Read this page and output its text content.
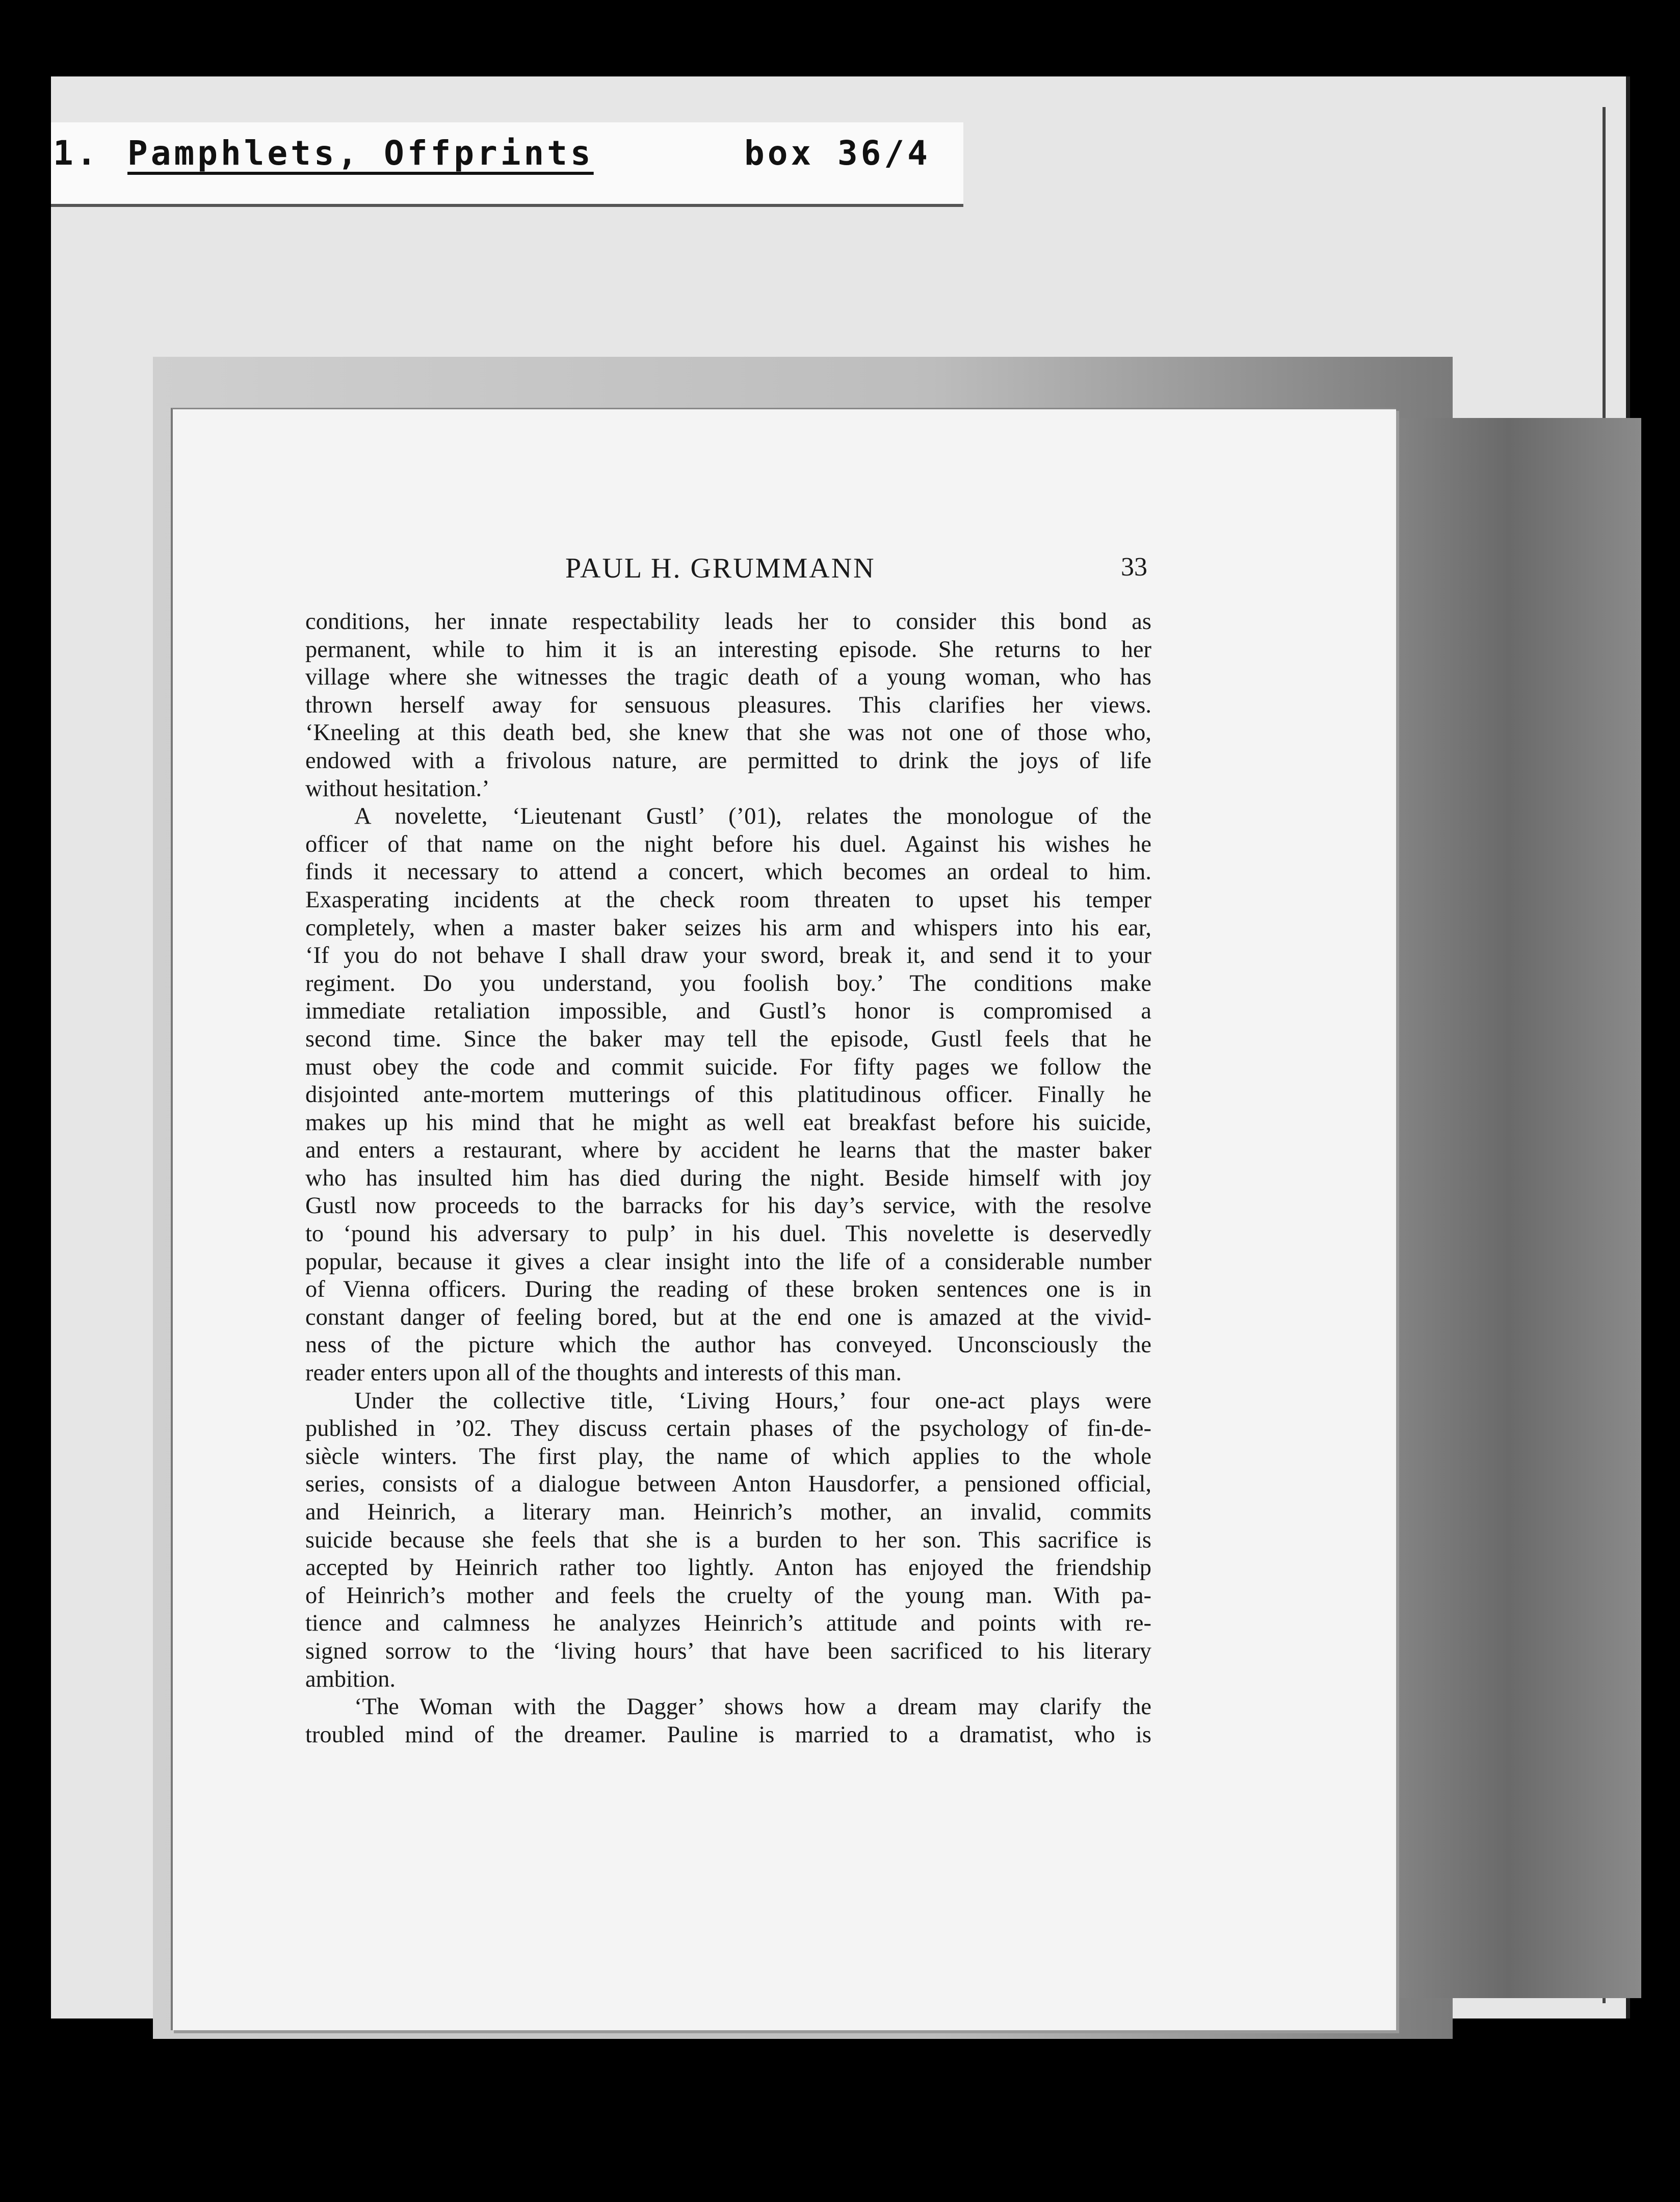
1. Pamphlets, Offprints	box 36/4
PAUL H. GRUMMANN	33
conditions, her innate respectability leads her to consider this bond as
permanent, while to him it is an interesting episode. She returns to her
village where she witnesses the tragic death of a young woman, who has
thrown herself away for sensuous pleasures. This clarifies her views.
‘Kneeling at this death bed, she knew that she was not one of those who,
endowed with a frivolous nature, are permitted to drink the joys of life
without hesitation.’
A novelette, ‘Lieutenant Gustl’ (’01), relates the monologue of the
officer of that name on the night before his duel. Against his wishes he
finds it necessary to attend a concert, which becomes an ordeal to him.
Exasperating incidents at the check room threaten to upset his temper
completely, when a master baker seizes his arm and whispers into his ear,
‘If you do not behave I shall draw your sword, break it, and send it to your
regiment. Do you understand, you foolish boy.’ The conditions make
immediate retaliation impossible, and Gustl’s honor is compromised a
second time. Since the baker may tell the episode, Gustl feels that he
must obey the code and commit suicide. For fifty pages we follow the
disjointed ante-mortem mutterings of this platitudinous officer. Finally he
makes up his mind that he might as well eat breakfast before his suicide,
and enters a restaurant, where by accident he learns that the master baker
who has insulted him has died during the night. Beside himself with joy
Gustl now proceeds to the barracks for his day’s service, with the resolve
to ‘pound his adversary to pulp’ in his duel. This novelette is deservedly
popular, because it gives a clear insight into the life of a considerable number
of Vienna officers. During the reading of these broken sentences one is in
constant danger of feeling bored, but at the end one is amazed at the vivid-
ness of the picture which the author has conveyed. Unconsciously the
reader enters upon all of the thoughts and interests of this man.
Under the collective title, ‘Living Hours,’ four one-act plays were
published in ’02. They discuss certain phases of the psychology of fin-de-
siècle winters. The first play, the name of which applies to the whole
series, consists of a dialogue between Anton Hausdorfer, a pensioned official,
and Heinrich, a literary man. Heinrich’s mother, an invalid, commits
suicide because she feels that she is a burden to her son. This sacrifice is
accepted by Heinrich rather too lightly. Anton has enjoyed the friendship
of Heinrich’s mother and feels the cruelty of the young man. With pa-
tience and calmness he analyzes Heinrich’s attitude and points with re-
signed sorrow to the ‘living hours’ that have been sacrificed to his literary
ambition.
‘The Woman with the Dagger’ shows how a dream may clarify the
troubled mind of the dreamer. Pauline is married to a dramatist, who is
